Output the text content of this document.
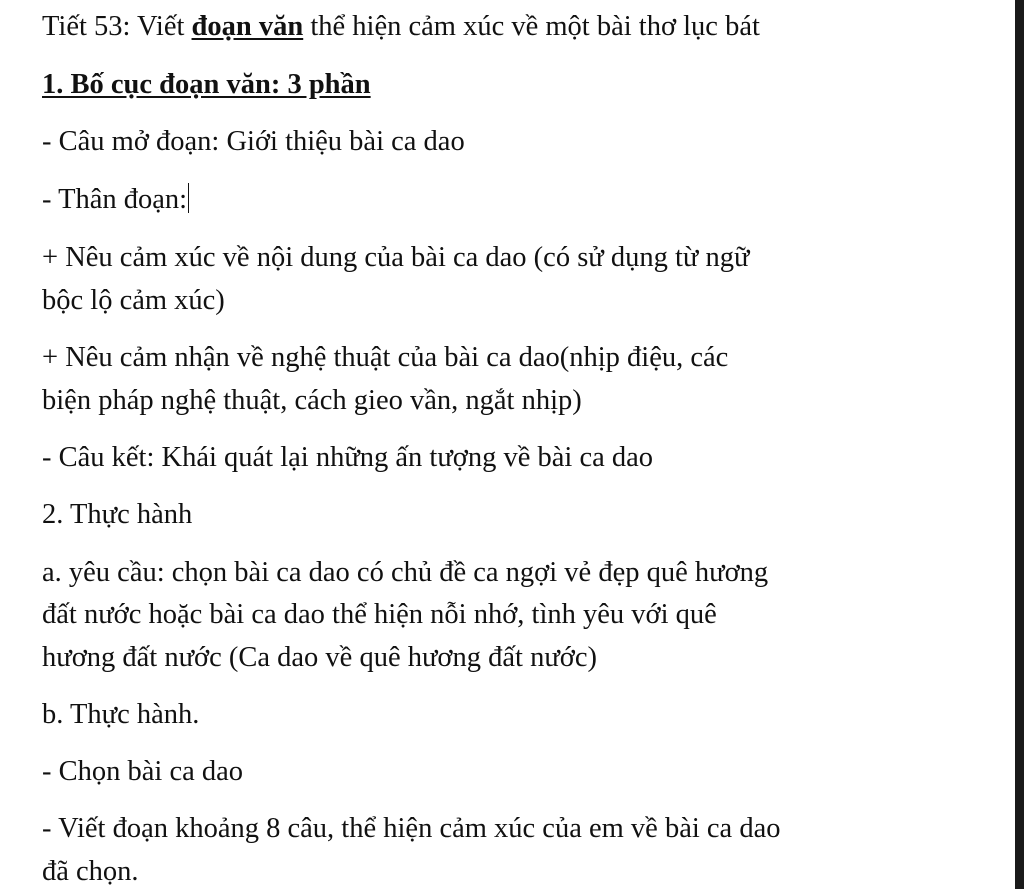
Tiết 53: Viết đoạn văn thể hiện cảm xúc về một bài thơ lục bát
1. Bố cục đoạn văn: 3 phần
- Câu mở đoạn: Giới thiệu bài ca dao
- Thân đoạn:
+ Nêu cảm xúc về nội dung của bài ca dao (có sử dụng từ ngữ
bộc lộ cảm xúc)
+ Nêu cảm nhận về nghệ thuật của bài ca dao(nhịp điệu, các
biện pháp nghệ thuật, cách gieo vần, ngắt nhịp)
- Câu kết: Khái quát lại những ấn tượng về bài ca dao
2. Thực hành
a. yêu cầu: chọn bài ca dao có chủ đề ca ngợi vẻ đẹp quê hương
đất nước hoặc bài ca dao thể hiện nỗi nhớ, tình yêu với quê
hương đất nước (Ca dao về quê hương đất nước)
b. Thực hành.
- Chọn bài ca dao
- Viết đoạn khoảng 8 câu, thể hiện cảm xúc của em về bài ca dao
đã chọn.
